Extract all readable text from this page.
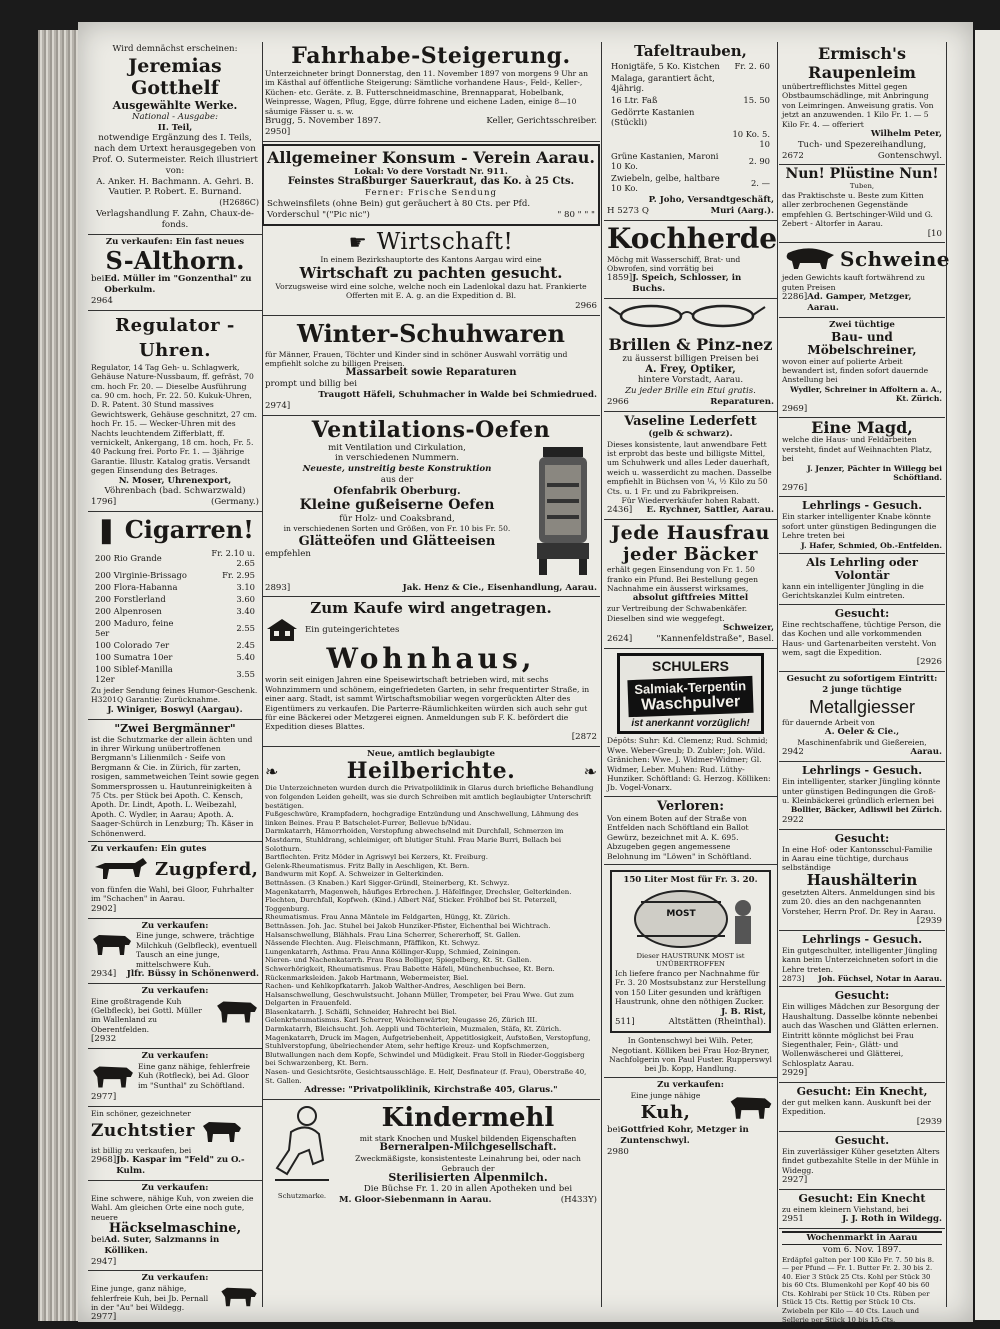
Wird demnächst erscheinen:

Jeremias Gotthelf

Ausgewählte Werke.

National - Ausgabe:

II. Teil,

notwendige Ergänzung des I. Teils, nach dem Urtext herausgegeben von Prof. O. Sutermeister. Reich illustriert von:

A. Anker. H. Bachmann. A. Gehri. B. Vautier. P. Robert. E. Burnand.

(H2686C)

Verlagshandlung F. Zahn, Chaux-de-fonds.

Zu verkaufen: Ein fast neues

S-Althorn.

bei Ed. Müller im "Gonzenthal" zu Oberkulm.

2964

Regulator - Uhren.

Regulator, 14 Tag Geh- u. Schlagwerk, Gehäuse Nature-Nussbaum, ff. gefräst, 70 cm. hoch Fr. 20. — Dieselbe Ausführung ca. 90 cm. hoch, Fr. 22. 50. Kukuk-Uhren, D. R. Patent. 30 Stund massives Gewichtswerk, Gehäuse geschnitzt, 27 cm. hoch Fr. 15. — Wecker-Uhren mit des Nachts leuchtendem Zifferblatt, ff. vernickelt, Ankergang, 18 cm. hoch, Fr. 5. 40 Packung frei. Porto Fr. 1. — 3jährige Garantie. Illustr. Katalog gratis. Versandt gegen Einsendung des Betrages.

N. Moser, Uhrenexport,

Vöhrenbach (bad. Schwarzwald)

1796]	(Germany.)

❚ Cigarren!

200 Rio Grande	Fr. 2.10 u. 2.65
200 Virginie-Brissago	Fr. 2.95
200 Flora-Habanna	3.10
200 Forstlerland	3.60
200 Alpenrosen	3.40
200 Maduro, feine 5er	2.55
100 Colorado 7er	2.45
100 Sumatra 10er	5.40
100 Siblef-Manilla 12er	3.55

Zu jeder Sendung feines Humor-Geschenk. H3201Q Garantie: Zurücknahme.

J. Winiger, Boswyl (Aargau).

"Zwei Bergmänner"

ist die Schutzmarke der allein ächten und in ihrer Wirkung unübertroffenen Bergmann's Lilienmilch - Seife von Bergmann & Cie. in Zürich, für zarten, rosigen, sammetweichen Teint sowie gegen Sommersprossen u. Hautunreinigkeiten à 75 Cts. per Stück bei Apoth. C. Kensch, Apoth. Dr. Lindt, Apoth. L. Weibezahl, Apoth. C. Wydler, in Aarau; Apoth. A. Saager-Schürch in Lenzburg; Th. Käser in Schönenwerd.

Zu verkaufen: Ein gutes

Zugpferd,

von fünfen die Wahl, bei Gloor, Fuhrhalter im "Schachen" in Aarau.

2902]

Zu verkaufen:

Eine junge, schwere, trächtige Milchkuh (Gelbfleck), eventuell Tausch an eine junge, mittelschwere Kuh.

2934] Jlfr. Büssy in Schönenwerd.

Zu verkaufen:

Eine großtragende Kuh (Gelbfleck), bei Gottl. Müller im Wallenland zu Oberentfelden.

[2932

Zu verkaufen:

Eine ganz nähige, fehlerfreie Kuh (Rotfleck), bei Ad. Gloor im "Sunthal" zu Schöftland.

2977]

Ein schöner, gezeichneter

Zuchtstier

ist billig zu verkaufen, bei

2968] Jb. Kaspar im "Feld" zu O.-Kulm.

Zu verkaufen:

Eine schwere, nähige Kuh, von zweien die Wahl. Am gleichen Orte eine noch gute, neuere

Häckselmaschine,

bei Ad. Suter, Salzmanns in Kölliken.

2947]

Zu verkaufen:

Eine junge, ganz nähige, fehlerfreie Kuh, bei Jb. Pernall in der "Au" bei Wildegg.

2977]

Fahrhabe-Steigerung.

Unterzeichneter bringt Donnerstag, den 11. November 1897 von morgens 9 Uhr an im Kästhal auf öffentliche Steigerung: Sämtliche vorhandene Haus-, Feld-, Keller-, Küchen- etc. Geräte. z. B. Futterschneidmaschine, Brennapparat, Hobelbank, Weinpresse, Wagen, Pflug, Egge, dürre fohrene und eichene Laden, einige 8—10 säumige Fässer u. s. w.

Brugg, 5. November 1897.	Keller, Gerichtsschreiber.

2950]

Allgemeiner Konsum - Verein Aarau.

Lokal: Vo dere Vorstadt Nr. 911.

Feinstes Straßburger Sauerkraut, das Ko. à 25 Cts.

Ferner: Frische Sendung

Schweinsfilets (ohne Bein) gut geräuchert à 80 Cts. per Pfd.

Vorderschul "("Pic nic")	" 80 " " "

☛ Wirtschaft!

In einem Bezirkshauptorte des Kantons Aargau wird eine

Wirtschaft zu pachten gesucht.

Vorzugsweise wird eine solche, welche noch ein Ladenlokal dazu hat. Frankierte Offerten mit E. A. g. an die Expedition d. Bl.

2966

Winter-Schuhwaren

für Männer, Frauen, Töchter und Kinder sind in schöner Auswahl vorrätig und empfiehlt solche zu billigen Preisen.

Massarbeit sowie Reparaturen

prompt und billig bei

Traugott Häfeli, Schuhmacher in Walde bei Schmiedrued.

2974]

Ventilations-Oefen

mit Ventilation und Cirkulation,

in verschiedenen Nummern.

Neueste, unstreitig beste Konstruktion

aus der

Ofenfabrik Oberburg.

Kleine gußeiserne Oefen

für Holz- und Coaksbrand,

in verschiedenen Sorten und Größen, von Fr. 10 bis Fr. 50.

Glätteöfen und Glätteeisen

empfehlen

2893]	Jak. Henz & Cie., Eisenhandlung, Aarau.

Zum Kaufe wird angetragen.

Ein guteingerichtetes

Wohnhaus,

worin seit einigen Jahren eine Speisewirtschaft betrieben wird, mit sechs Wohnzimmern und schönem, eingefriedeten Garten, in sehr frequentirter Straße, in einer aarg. Stadt, ist sammt Wirtschaftsmobiliar wegen vorgerückten Alter des Eigentümers zu verkaufen. Die Parterre-Räumlichkeiten würden sich auch sehr gut für eine Bäckerei oder Metzgerei eignen. Anmeldungen sub F. K. befördert die Expedition dieses Blattes.

[2872

Neue, amtlich beglaubigte

❧	Heilberichte.	❧

Die Unterzeichneten wurden durch die Privatpoliklinik in Glarus durch briefliche Behandlung von folgenden Leiden geheilt, was sie durch Schreiben mit amtlich beglaubigter Unterschrift bestätigen.

Fußgeschwüre, Krampfadern, hochgradige Entzündung und Anschwellung, Lähmung des linken Beines. Frau P. Batschelet-Furrer, Bellevue b/Nidau.

Darmkatarrh, Hämorrhoiden, Verstopfung abwechselnd mit Durchfall, Schmerzen im Mastdarm, Stuhldrang, schleimiger, oft blutiger Stuhl. Frau Marie Burri, Bellach bei Solothurn.

Bartflechten. Fritz Möder in Agriswyl bei Kerzers, Kt. Freiburg.

Gelenk-Rheumatismus. Fritz Bally in Aeschligen, Kt. Bern.

Bandwurm mit Kopf. A. Schweizer in Gelterkinden.

Bettnässen. (3 Knaben.) Karl Sigger-Gründl, Steinerberg, Kt. Schwyz.

Magenkatarrh, Magenweh, häufiges Erbrechen. J. Häfelfinger, Drechsler, Gelterkinden.

Flechten, Durchfall, Kopfweh. (Kind.) Albert Näf, Sticker. Fröhlbof bei St. Peterzell, Toggenburg.

Rheumatismus. Frau Anna Mäntele im Feldgarten, Hüngg, Kt. Zürich.

Bettnässen. Joh. Jac. Stuhel bei Jakob Hunziker-Pfister, Eichenthal bei Wichtrach.

Halsanschwellung, Blähhals. Frau Lina Scherrer, Schererhoff, St. Gallen.

Nässende Flechten. Aug. Fleischmann, Pfäffikon, Kt. Schwyz.

Lungenkatarrh, Asthma. Frau Anna Köllinger-Kupp, Schmied, Zeiningen.

Nieren- und Nachenkatarrh. Frau Rosa Bolliger, Spiegelberg, Kt. St. Gallen.

Schwerhörigkeit, Rheumatismus. Frau Babette Häfeli, Münchenbuchsee, Kt. Bern.

Rückenmarksleiden. Jakob Hartmann, Webermeister, Biel.

Rachen- und Kehlkopfkatarrh. Jakob Walther-Andres, Aeschligen bei Bern.

Halsanschwellung, Geschwulstsucht. Johann Müller, Trompeter, bei Frau Wwe. Gut zum Delgarten in Frauenfeld.

Blasenkatarrh. J. Schäfli, Schneider, Hahrecht bei Biel.

Gelenkrheumatismus. Karl Scherrer, Weichenwärter, Neugasse 26, Zürich III.

Darmkatarrh, Bleichsucht. Joh. Aeppli und Töchterlein, Muzmalen, Stäfa, Kt. Zürich.

Magenkatarrh, Druck im Magen, Aufgetriebenheit, Appetitlosigkeit, Aufstoßen, Verstopfung, Stuhlverstopfung, übelriechender Atem, sehr heftige Kreuz- und Kopfschmerzen, Blutwallungen nach dem Kopfe, Schwindel und Müdigkeit. Frau Stoll in Rieder-Goggisberg bei Schwarzenberg, Kt. Bern.

Nasen- und Gesichtsröte, Gesichtsausschläge. E. Helf, Desfinateur (f. Frau), Oberstraße 40, St. Gallen.

Adresse: "Privatpoliklinik, Kirchstraße 405, Glarus."

Schutzmarke.

Kindermehl

mit stark Knochen und Muskel bildenden Eigenschaften

Berneralpen-Milchgesellschaft.

Zweckmäßigste, konsistenteste Leinahrung bei, oder nach Gebrauch der

Sterilisierten Alpenmilch.

Die Büchse Fr. 1. 20 in allen Apotheken und bei

M. Gloor-Siebenmann in Aarau.	(H433Y)

Tafeltrauben,

Honigtäfe, 5 Ko. Kistchen	Fr. 2. 60
Malaga, garantiert ächt, 4jährig.	
16 Ltr. Faß	15. 50
Gedörrte Kastanien (Stückli)	
	10 Ko. 5. 10
Grüne Kastanien, Maroni 10 Ko.	2. 90
Zwiebeln, gelbe, haltbare 10 Ko.	2. —

P. Joho, Versandtgeschäft,

H 5273 Q	Muri (Aarg.).

Kochherde

Möchg mit Wasserschiff, Brat- und Obwrofen, sind vorrätig bei

1859] J. Speich, Schlosser, in Buchs.

Brillen & Pinz-nez

zu äusserst billigen Preisen bei

A. Frey, Optiker,

hintere Vorstadt, Aarau.

Zu jeder Brille ein Etui gratis.

2966	Reparaturen.

Vaseline Lederfett

(gelb & schwarz).

Dieses konsistente, laut anwendbare Fett ist erprobt das beste und billigste Mittel, um Schuhwerk und alles Leder dauerhaft, weich u. wasserdicht zu machen. Dasselbe empfiehlt in Büchsen von ¼, ½ Kilo zu 50 Cts. u. 1 Fr. und zu Fabrikpreisen.

Für Wiederverkäufer hohen Rabatt.

2436] E. Rychner, Sattler, Aarau.

Jede Hausfrau

jeder Bäcker

erhält gegen Einsendung von Fr. 1. 50 franko ein Pfund. Bei Bestellung gegen Nachnahme ein äusserst wirksames,

absolut giftfreies Mittel

zur Vertreibung der Schwabenkäfer. Dieselben sind wie weggefegt.

Schweizer,

2624]	"Kannenfeldstraße", Basel.

SCHULERS

Salmiak-Terpentin

Waschpulver

ist anerkannt vorzüglich!

Dépôts: Suhr: Kd. Clemenz; Rud. Schmid; Wwe. Weber-Greub; D. Zubler; Joh. Wild. Gränichen: Wwe. J. Widmer-Widmer; Gl. Widmer, Leber. Muhen: Rud. Lüthy-Hunziker. Schöftland: G. Herzog. Kölliken: Jb. Vogel-Vonarx.

Verloren:

Von einem Boten auf der Straße von Entfelden nach Schöftland ein Ballot Gewürz, bezeichnet mit A. K. 695. Abzugeben gegen angemessene Belohnung im "Löwen" in Schöftland.

150 Liter Most für Fr. 3. 20.

MOST

Dieser HAUSTRUNK MOST ist UNÜBERTROFFEN

Ich liefere franco per Nachnahme für Fr. 3. 20 Mostsubstanz zur Herstellung von 150 Liter gesunden und kräftigen Haustrunk, ohne den nöthigen Zucker.

J. B. Rist,

511]	Altstätten (Rheinthal).

In Gontenschwyl bei Wilh. Peter, Negotiant. Kölliken bei Frau Hoz-Bryner, Nachfolgerin von Paul Fuster. Rupperswyl bei Jb. Kopp, Handlung.

Zu verkaufen:

Eine junge nähige

Kuh,

bei Gottfried Kohr, Metzger in Zuntenschwyl.

2980

Ermisch's Raupenleim

unübertrefflichstes Mittel gegen Obstbaumschädlinge, mit Anbringung von Leimringen. Anweisung gratis. Von jetzt an anzuwenden. 1 Kilo Fr. 1. — 5 Kilo Fr. 4. — offeriert

Wilhelm Peter,

Tuch- und Spezereihandlung,

2672	Gontenschwyl.

Nun! Plüstine Nun!

Tuben,

das Praktischste u. Beste zum Kitten aller zerbrochenen Gegenstände empfehlen G. Bertschinger-Wild und G. Zebert - Altorfer in Aarau.

[10

Schweine

jeden Gewichts kauft fortwährend zu guten Preisen

2286] Ad. Gamper, Metzger, Aarau.

Zwei tüchtige

Bau- und Möbelschreiner,

wovon einer auf polierte Arbeit bewandert ist, finden sofort dauernde Anstellung bei

Wydler, Schreiner in Affoltern a. A., Kt. Zürich.

2969]

Eine Magd,

welche die Haus- und Feldarbeiten versteht, findet auf Weihnachten Platz, bei

J. Jenzer, Pächter in Willegg bei Schöftland.

2976]

Lehrlings - Gesuch.

Ein starker intelligenter Knabe könnte sofort unter günstigen Bedingungen die Lehre treten bei

J. Hafer, Schmied, Ob.-Entfelden.

Als Lehrling oder Volontär

kann ein intelligenter Jüngling in die Gerichtskanzlei Kulm eintreten.

Gesucht:

Eine rechtschaffene, tüchtige Person, die das Kochen und alle vorkommenden Haus- und Gartenarbeiten versteht. Von wem, sagt die Expedition.

[2926

Gesucht zu sofortigem Eintritt:

2 junge tüchtige

Metallgiesser

für dauernde Arbeit von

A. Oeler & Cie.,

Maschinenfabrik und Gießereien,

2942	Aarau.

Lehrlings - Gesuch.

Ein intelligenter, starker Jüngling könnte unter günstigen Bedingungen die Groß- u. Kleinbäckerei gründlich erlernen bei

Bollier, Bäcker, Adliswil bei Zürich.

2922

Gesucht:

In eine Hof- oder Kantonsschul-Familie in Aarau eine tüchtige, durchaus selbständige

Haushälterin

gesetzten Alters. Anmeldungen sind bis zum 20. dies an den nachgenannten Vorsteher, Herrn Prof. Dr. Rey in Aarau.

[2939

Lehrlings - Gesuch.

Ein gutgeschulter, intelligenter Jüngling kann beim Unterzeichneten sofort in die Lehre treten.

2873] Joh. Füchsel, Notar in Aarau.

Gesucht:

Ein williges Mädchen zur Besorgung der Haushaltung. Dasselbe könnte nebenbei auch das Waschen und Glätten erlernen. Eintritt könnte möglichst bei Frau Siegenthaler, Fein-, Glätt- und Wollenwäscherei und Glätterei, Schlosplatz Aarau.

2929]

Gesucht: Ein Knecht,

der gut melken kann. Auskunft bei der Expedition.

[2939

Gesucht.

Ein zuverlässiger Küher gesetzten Alters findet gutbezahlte Stelle in der Mühle in Widegg.

2927]

Gesucht: Ein Knecht

zu einem kleinern Viehstand, bei

2951	J. J. Roth in Wildegg.

Wochenmarkt in Aarau

vom 6. Nov. 1897.

Erdäpfel galten per 100 Kilo Fr. 7. 50 bis 8. — per Pfund — Fr. 1. Butter Fr. 2. 30 bis 2. 40. Eier 3 Stück 25 Cts. Kohl per Stück 30 bis 60 Cts. Blumenkohl per Kopf 40 bis 60 Cts. Kohlrabi per Stück 10 Cts. Rüben per Stück 15 Cts. Rettig per Stück 10 Cts. Zwiebeln per Kilo — 40 Cts. Lauch und Sellerie per Stück 10 bis 15 Cts.
